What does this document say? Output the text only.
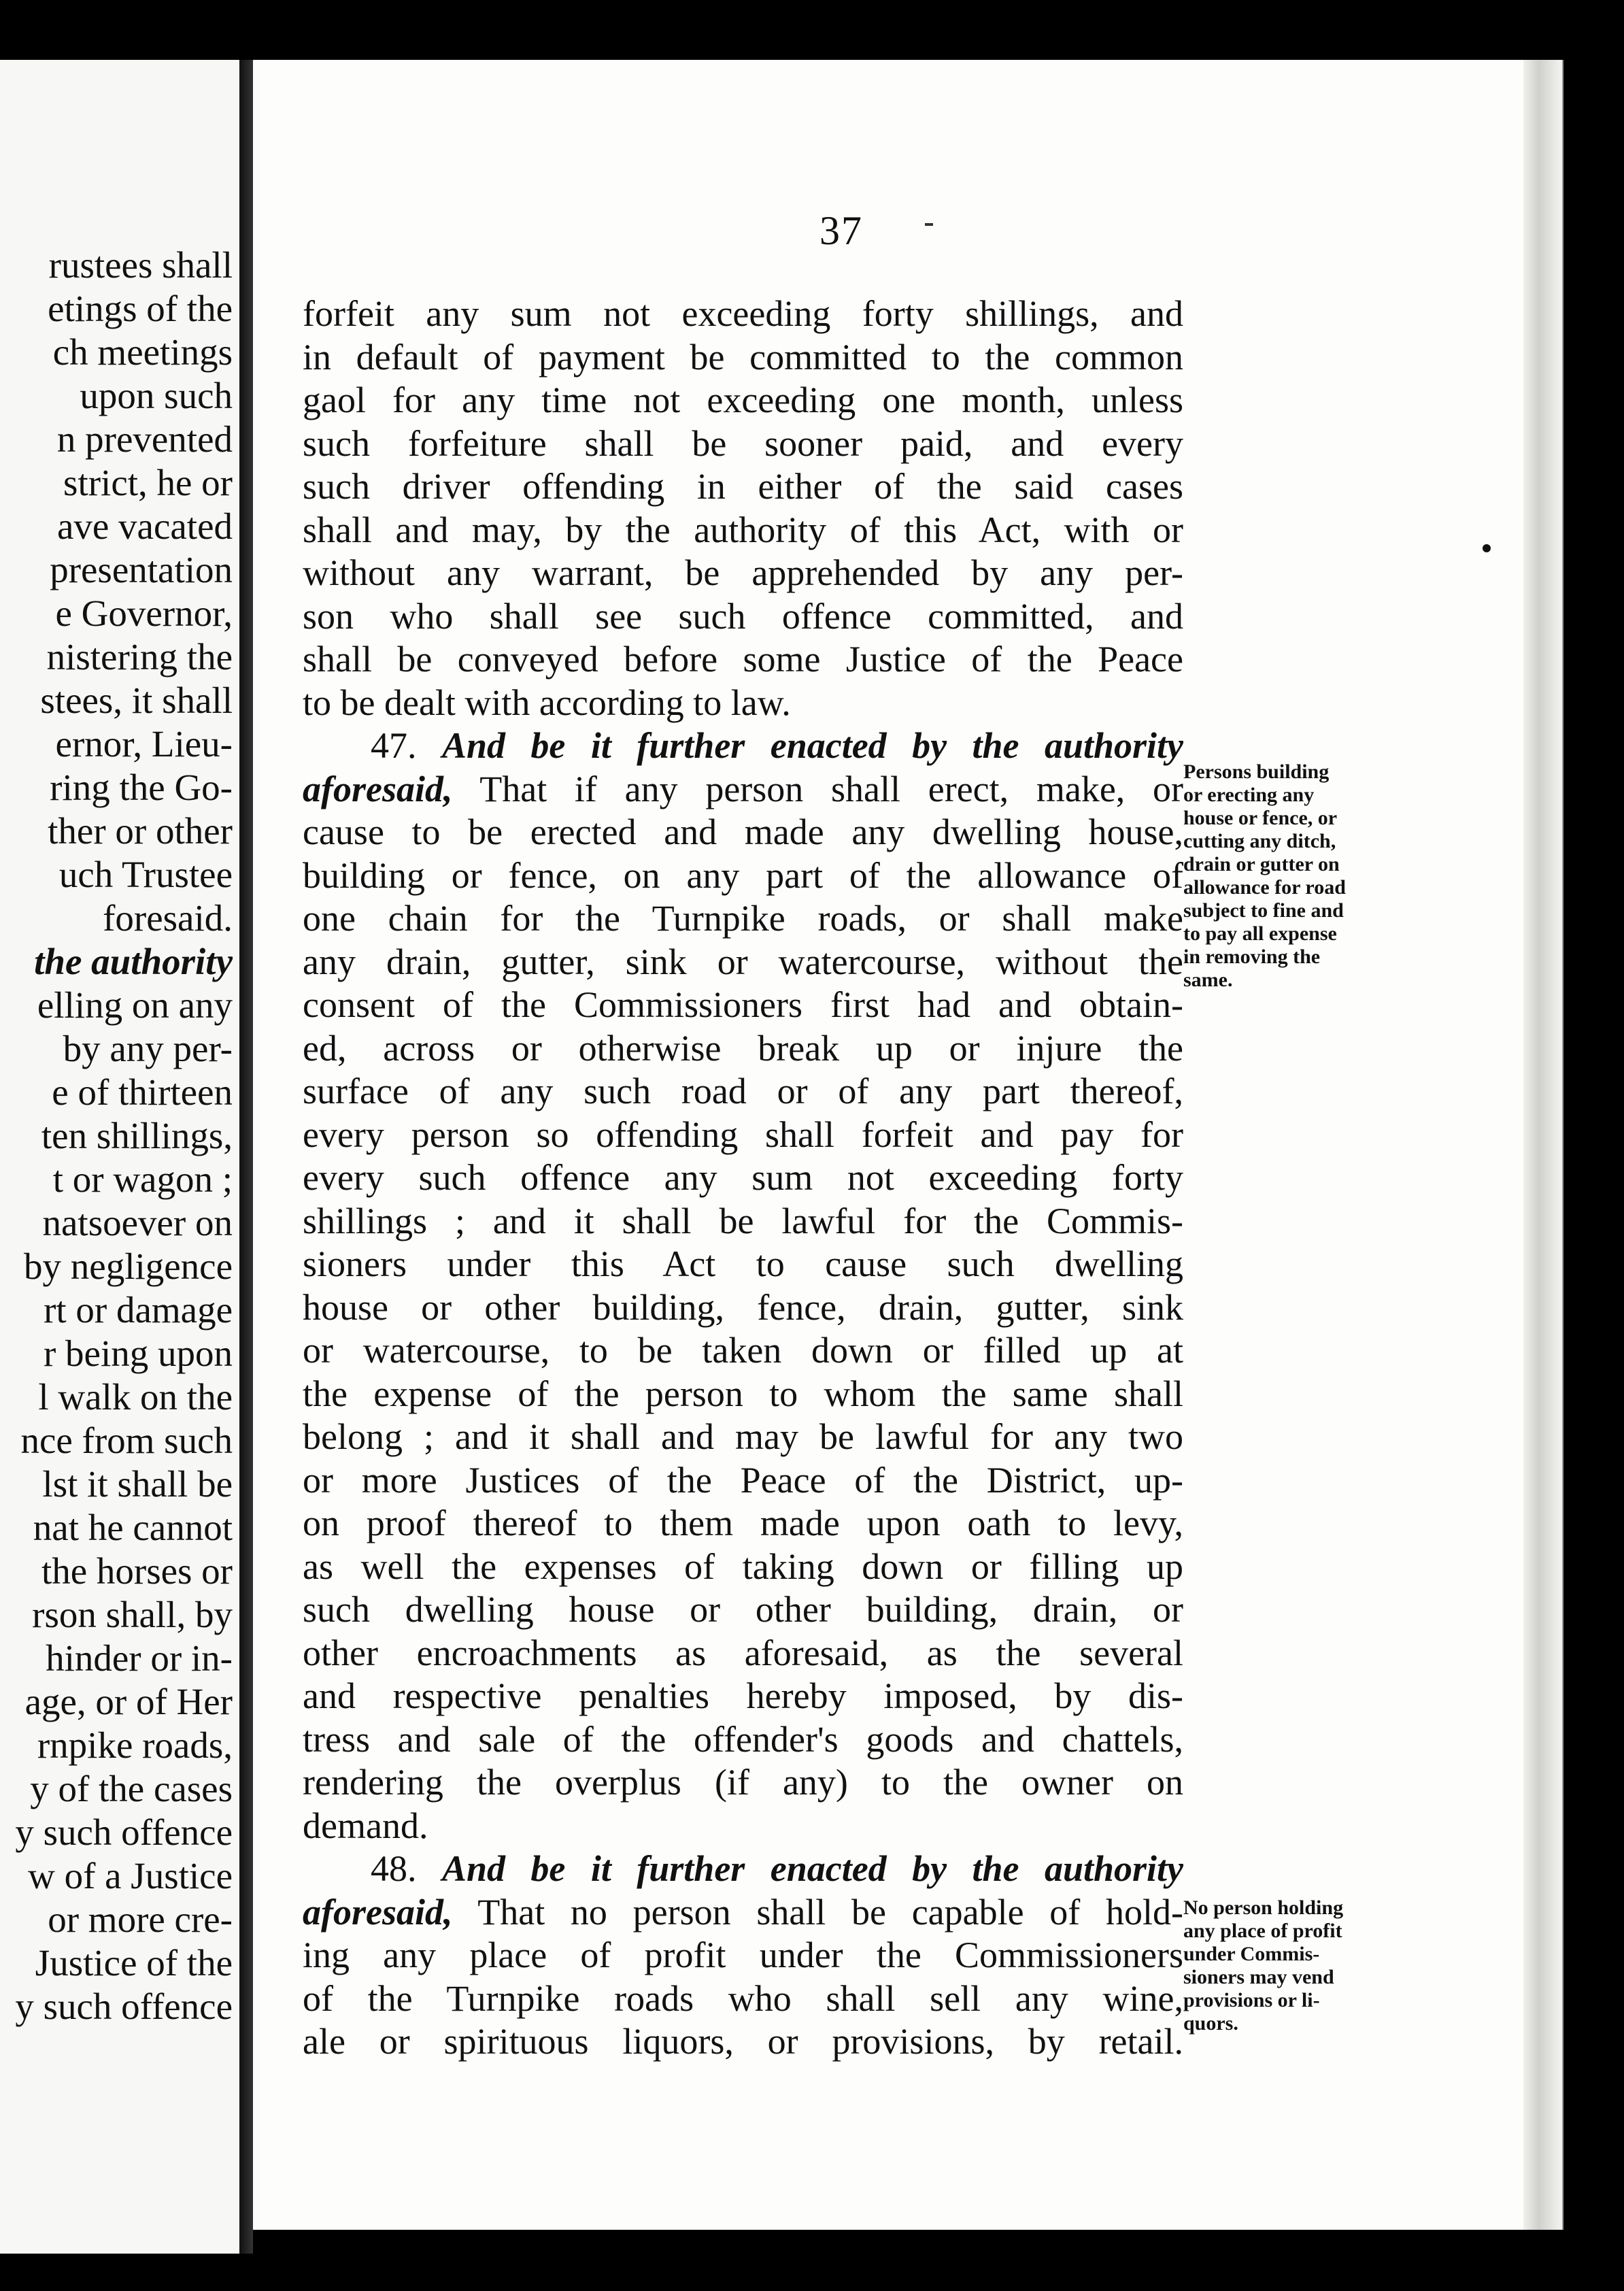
rustees shall
etings of the
ch meetings
upon such
n prevented
strict, he or
ave vacated
presentation
e Governor,
nistering the
stees, it shall
ernor, Lieu-
ring the Go-
ther or other
uch Trustee
foresaid.
the authority
elling on any
by any per-
e of thirteen
ten shillings,
t or wagon ;
natsoever on
by negligence
rt or damage
r being upon
l walk on the
nce from such
lst it shall be
nat he cannot
the horses or
rson shall, by
hinder or in-
age, or of Her
rnpike roads,
y of the cases
y such offence
w of a Justice
or more cre-
Justice of the
y such offence
37
forfeit any sum not exceeding forty shillings, and
in default of payment be committed to the common
gaol for any time not exceeding one month, unless
such forfeiture shall be sooner paid, and every
such driver offending in either of the said cases
shall and may, by the authority of this Act, with or
without any warrant, be apprehended by any per-
son who shall see such offence committed, and
shall be conveyed before some Justice of the Peace
to be dealt with according to law.
47. And be it further enacted by the authority
aforesaid, That if any person shall erect, make, or
cause to be erected and made any dwelling house,
building or fence, on any part of the allowance of
one chain for the Turnpike roads, or shall make
any drain, gutter, sink or watercourse, without the
consent of the Commissioners first had and obtain-
ed, across or otherwise break up or injure the
surface of any such road or of any part thereof,
every person so offending shall forfeit and pay for
every such offence any sum not exceeding forty
shillings ; and it shall be lawful for the Commis-
sioners under this Act to cause such dwelling
house or other building, fence, drain, gutter, sink
or watercourse, to be taken down or filled up at
the expense of the person to whom the same shall
belong ; and it shall and may be lawful for any two
or more Justices of the Peace of the District, up-
on proof thereof to them made upon oath to levy,
as well the expenses of taking down or filling up
such dwelling house or other building, drain, or
other encroachments as aforesaid, as the several
and respective penalties hereby imposed, by dis-
tress and sale of the offender's goods and chattels,
rendering the overplus (if any) to the owner on
demand.
48. And be it further enacted by the authority
aforesaid, That no person shall be capable of hold-
ing any place of profit under the Commissioners
of the Turnpike roads who shall sell any wine,
ale or spirituous liquors, or provisions, by retail.
Persons building
or erecting any
house or fence, or
cutting any ditch,
drain or gutter on
allowance for road
subject to fine and
to pay all expense
in removing the
same.
No person holding
any place of profit
under Commis-
sioners may vend
provisions or li-
quors.
